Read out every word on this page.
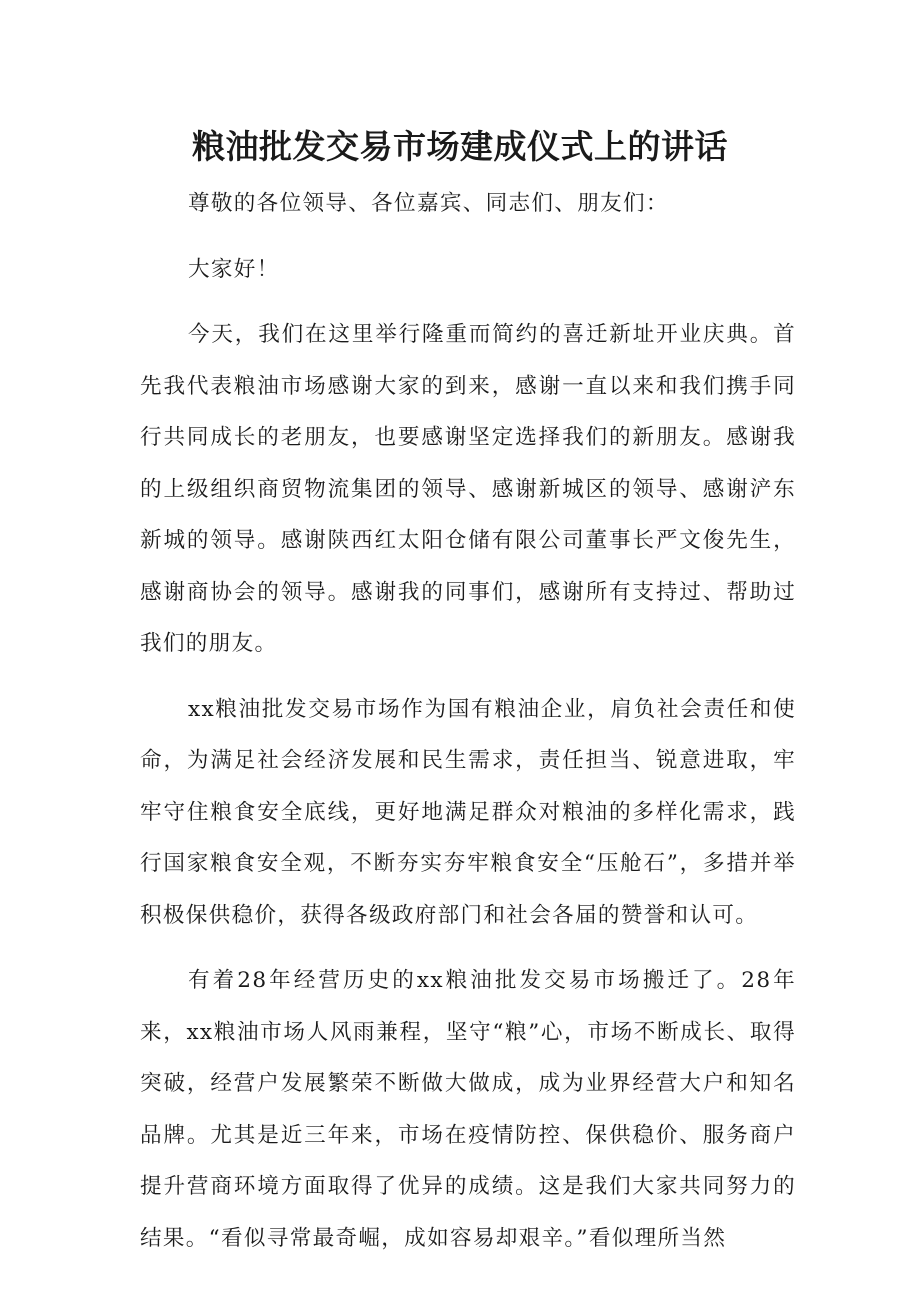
粮油批发交易市场建成仪式上的讲话

尊敬的各位领导、各位嘉宾、同志们、朋友们：

大家好！

今天，我们在这里举行隆重而简约的喜迁新址开业庆典。首先我代表粮油市场感谢大家的到来，感谢一直以来和我们携手同行共同成长的老朋友，也要感谢坚定选择我们的新朋友。感谢我的上级组织商贸物流集团的领导、感谢新城区的领导、感谢浐东新城的领导。感谢陕西红太阳仓储有限公司董事长严文俊先生，感谢商协会的领导。感谢我的同事们，感谢所有支持过、帮助过我们的朋友。

xx粮油批发交易市场作为国有粮油企业，肩负社会责任和使命，为满足社会经济发展和民生需求，责任担当、锐意进取，牢牢守住粮食安全底线，更好地满足群众对粮油的多样化需求，践行国家粮食安全观，不断夯实夯牢粮食安全“压舱石”，多措并举积极保供稳价，获得各级政府部门和社会各届的赞誉和认可。

有着28年经营历史的xx粮油批发交易市场搬迁了。28年来，xx粮油市场人风雨兼程，坚守“粮”心，市场不断成长、取得突破，经营户发展繁荣不断做大做成，成为业界经营大户和知名品牌。尤其是近三年来，市场在疫情防控、保供稳价、服务商户提升营商环境方面取得了优异的成绩。这是我们大家共同努力的结果。“看似寻常最奇崛，成如容易却艰辛。”看似理所当然
